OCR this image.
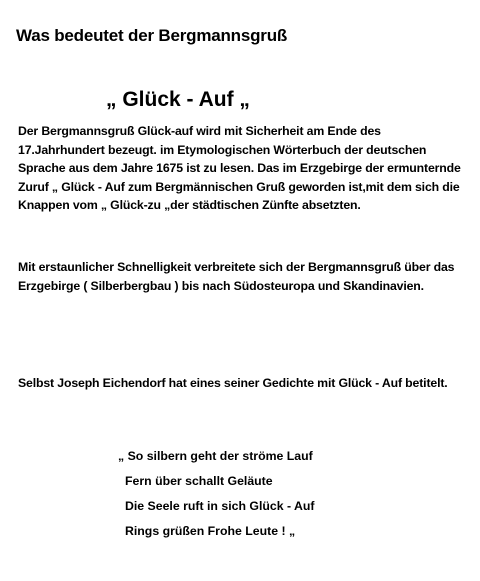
Was bedeutet der Bergmannsgruß
„ Glück - Auf „
Der Bergmannsgruß Glück-auf wird mit Sicherheit am Ende des 17.Jahrhundert bezeugt. im Etymologischen Wörterbuch der deutschen Sprache aus dem Jahre 1675 ist zu lesen. Das im Erzgebirge der ermunternde Zuruf „ Glück - Auf zum Bergmännischen Gruß geworden ist,mit dem sich die Knappen vom „ Glück-zu „der städtischen Zünfte absetzten.
Mit erstaunlicher Schnelligkeit verbreitete sich der Bergmannsgruß über das Erzgebirge ( Silberbergbau ) bis nach Südosteuropa und Skandinavien.
Selbst Joseph Eichendorf hat eines seiner Gedichte mit Glück - Auf betitelt.
„ So silbern geht der ströme Lauf
Fern über schallt Geläute
Die Seele ruft in sich Glück - Auf
Rings grüßen Frohe Leute ! „
